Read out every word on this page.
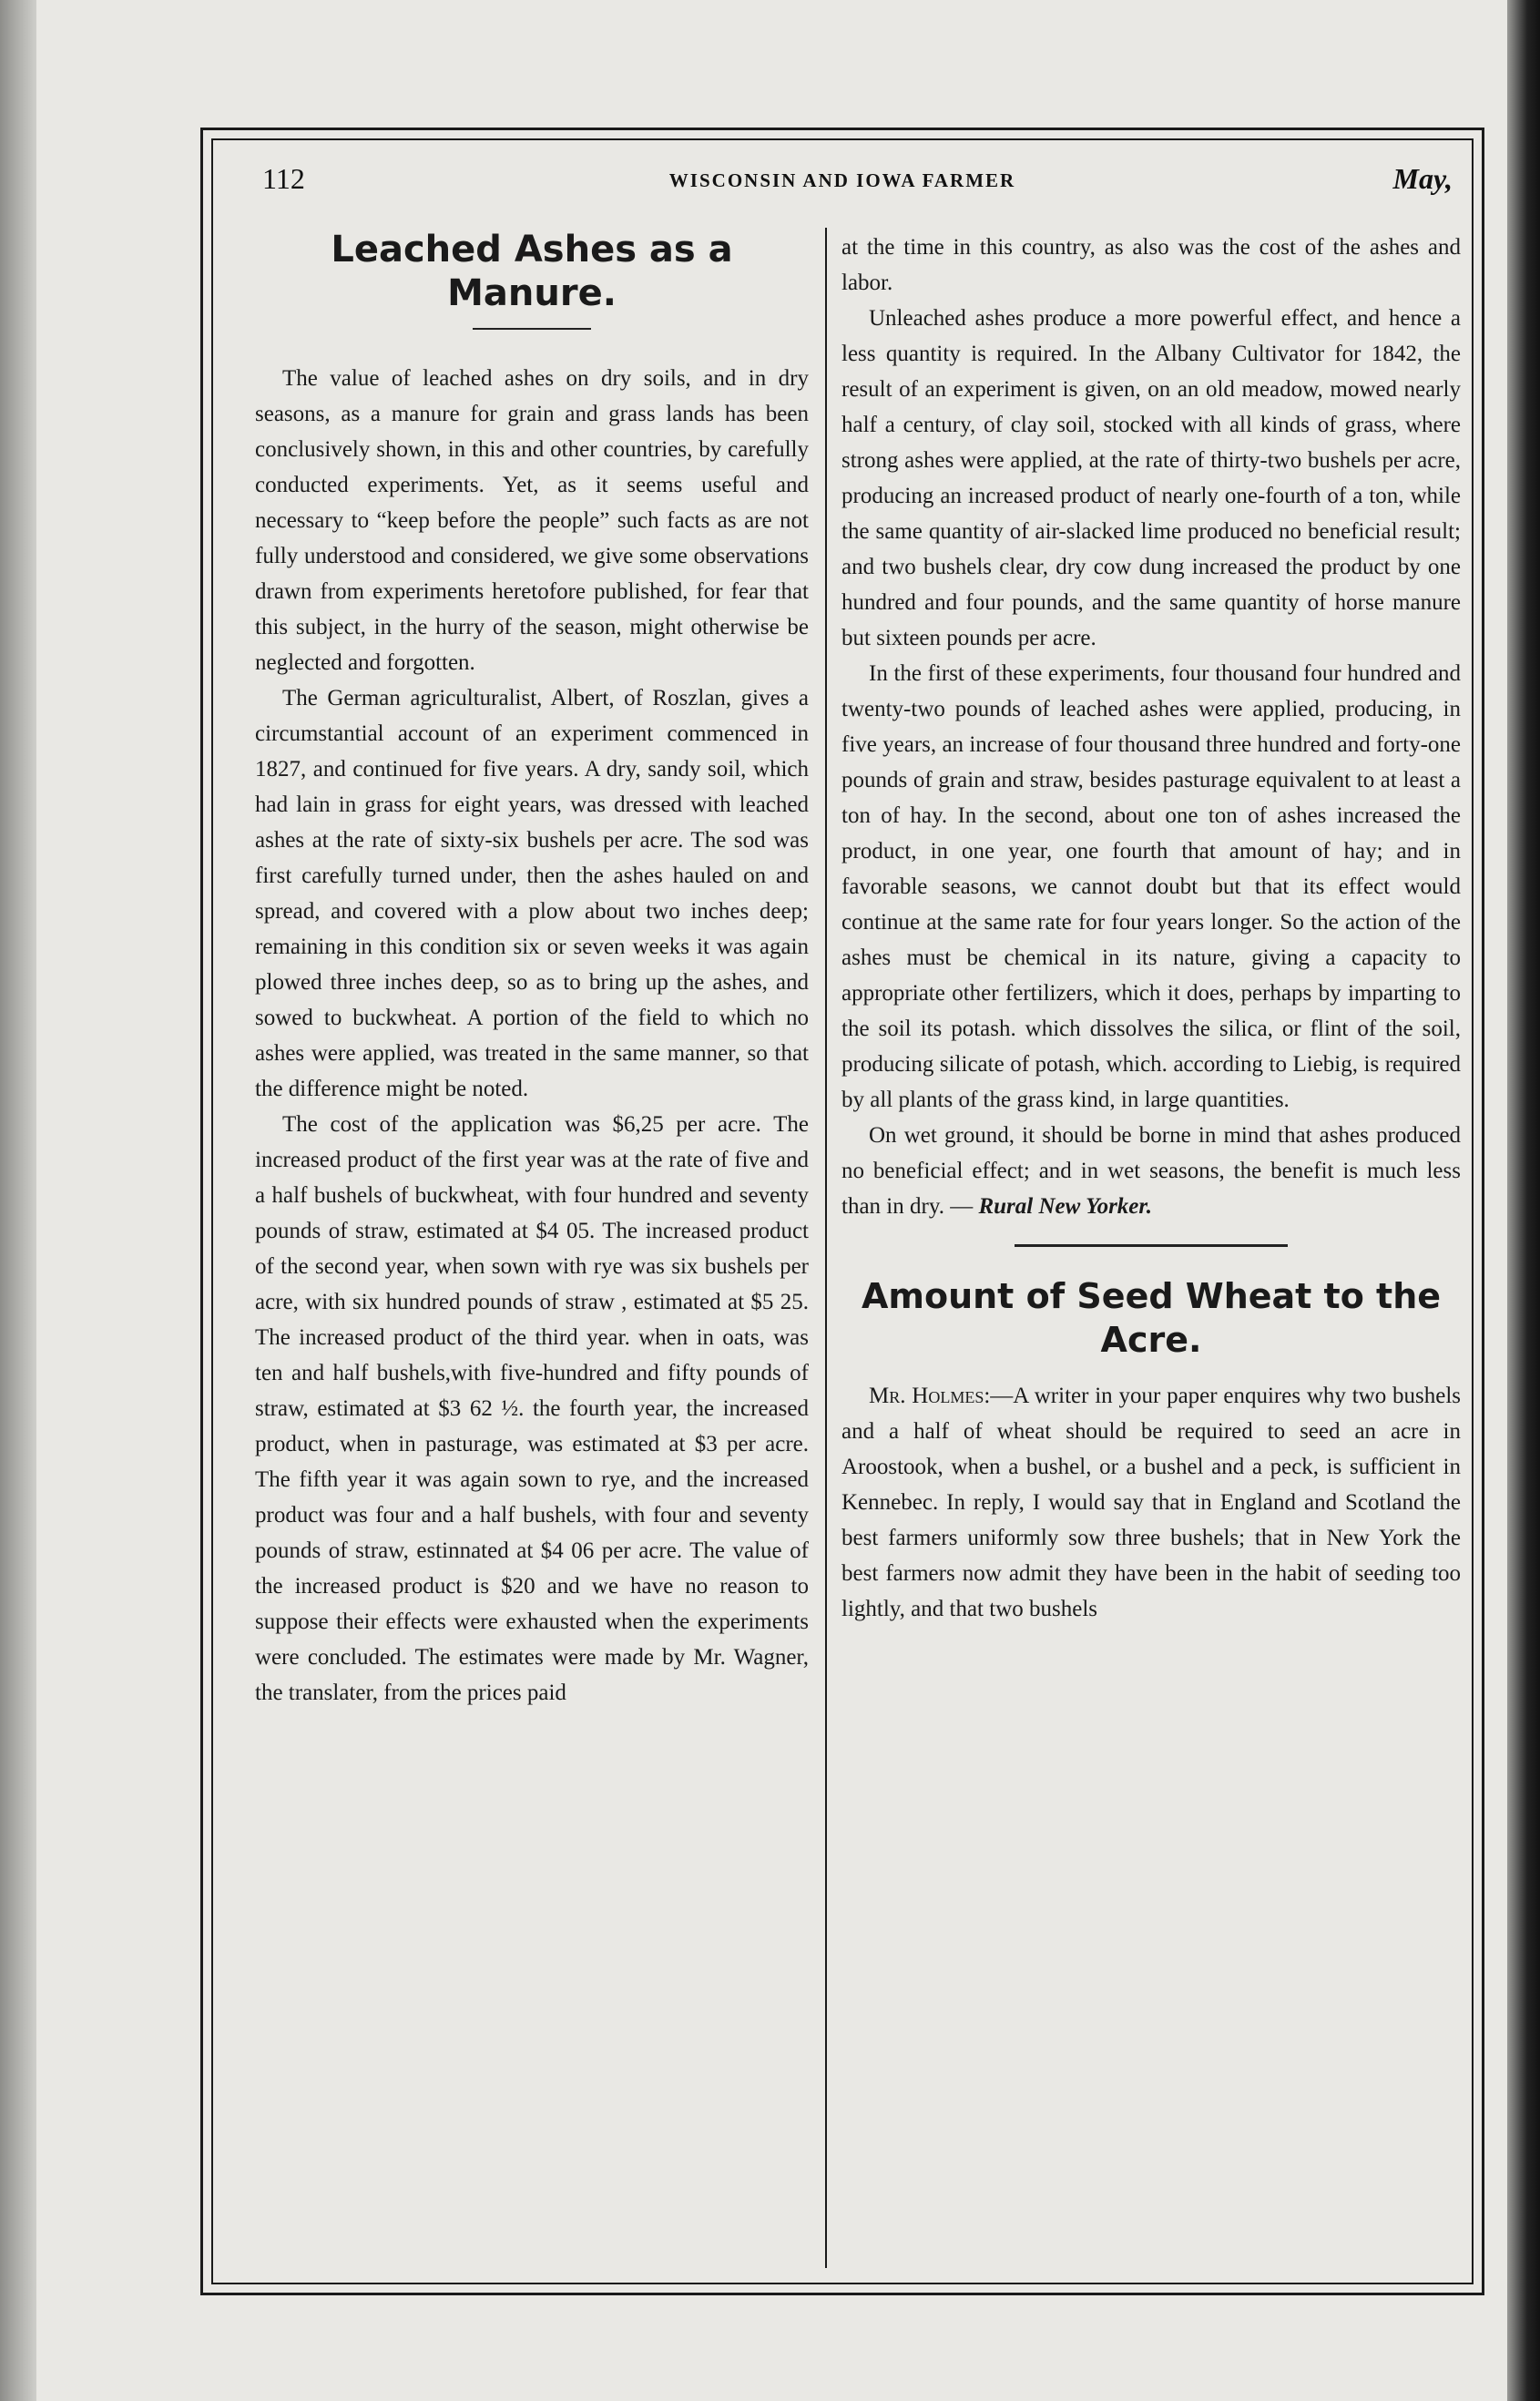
112	WISCONSIN AND IOWA FARMER	May,
Leached Ashes as a Manure.

The value of leached ashes on dry soils, and in dry seasons, as a manure for grain and grass lands has been conclusively shown, in this and other countries, by carefully conducted experiments. Yet, as it seems useful and necessary to “keep before the people” such facts as are not fully understood and considered, we give some observations drawn from experiments heretofore published, for fear that this subject, in the hurry of the season, might otherwise be neglected and forgotten.

The German agriculturalist, Albert, of Roszlan, gives a circumstantial account of an experiment commenced in 1827, and continued for five years. A dry, sandy soil, which had lain in grass for eight years, was dressed with leached ashes at the rate of sixty-six bushels per acre. The sod was first carefully turned under, then the ashes hauled on and spread, and covered with a plow about two inches deep; remaining in this condition six or seven weeks it was again plowed three inches deep, so as to bring up the ashes, and sowed to buckwheat. A portion of the field to which no ashes were applied, was treated in the same manner, so that the difference might be noted.

The cost of the application was $6,25 per acre. The increased product of the first year was at the rate of five and a half bushels of buckwheat, with four hundred and seventy pounds of straw, estimated at $4 05. The increased product of the second year, when sown with rye was six bushels per acre, with six hundred pounds of straw , estimated at $5 25. The increased product of the third year. when in oats, was ten and half bushels,with five-hundred and fifty pounds of straw, estimated at $3 62 ½. the fourth year, the increased product, when in pasturage, was estimated at $3 per acre. The fifth year it was again sown to rye, and the increased product was four and a half bushels, with four and seventy pounds of straw, estinnated at $4 06 per acre. The value of the increased product is $20 and we have no reason to suppose their effects were exhausted when the experiments were concluded. The estimates were made by Mr. Wagner, the translater, from the prices paid

at the time in this country, as also was the cost of the ashes and labor.

Unleached ashes produce a more powerful effect, and hence a less quantity is required. In the Albany Cultivator for 1842, the result of an experiment is given, on an old meadow, mowed nearly half a century, of clay soil, stocked with all kinds of grass, where strong ashes were applied, at the rate of thirty-two bushels per acre, producing an increased product of nearly one-fourth of a ton, while the same quantity of air-slacked lime produced no beneficial result; and two bushels clear, dry cow dung increased the product by one hundred and four pounds, and the same quantity of horse manure but sixteen pounds per acre.

In the first of these experiments, four thousand four hundred and twenty-two pounds of leached ashes were applied, producing, in five years, an increase of four thousand three hundred and forty-one pounds of grain and straw, besides pasturage equivalent to at least a ton of hay. In the second, about one ton of ashes increased the product, in one year, one fourth that amount of hay; and in favorable seasons, we cannot doubt but that its effect would continue at the same rate for four years longer. So the action of the ashes must be chemical in its nature, giving a capacity to appropriate other fertilizers, which it does, perhaps by imparting to the soil its potash. which dissolves the silica, or flint of the soil, producing silicate of potash, which. according to Liebig, is required by all plants of the grass kind, in large quantities.

On wet ground, it should be borne in mind that ashes produced no beneficial effect; and in wet seasons, the benefit is much less than in dry. — Rural New Yorker.

Amount of Seed Wheat to the Acre.

Mr. Holmes:—A writer in your paper enquires why two bushels and a half of wheat should be required to seed an acre in Aroostook, when a bushel, or a bushel and a peck, is sufficient in Kennebec. In reply, I would say that in England and Scotland the best farmers uniformly sow three bushels; that in New York the best farmers now admit they have been in the habit of seeding too lightly, and that two bushels
